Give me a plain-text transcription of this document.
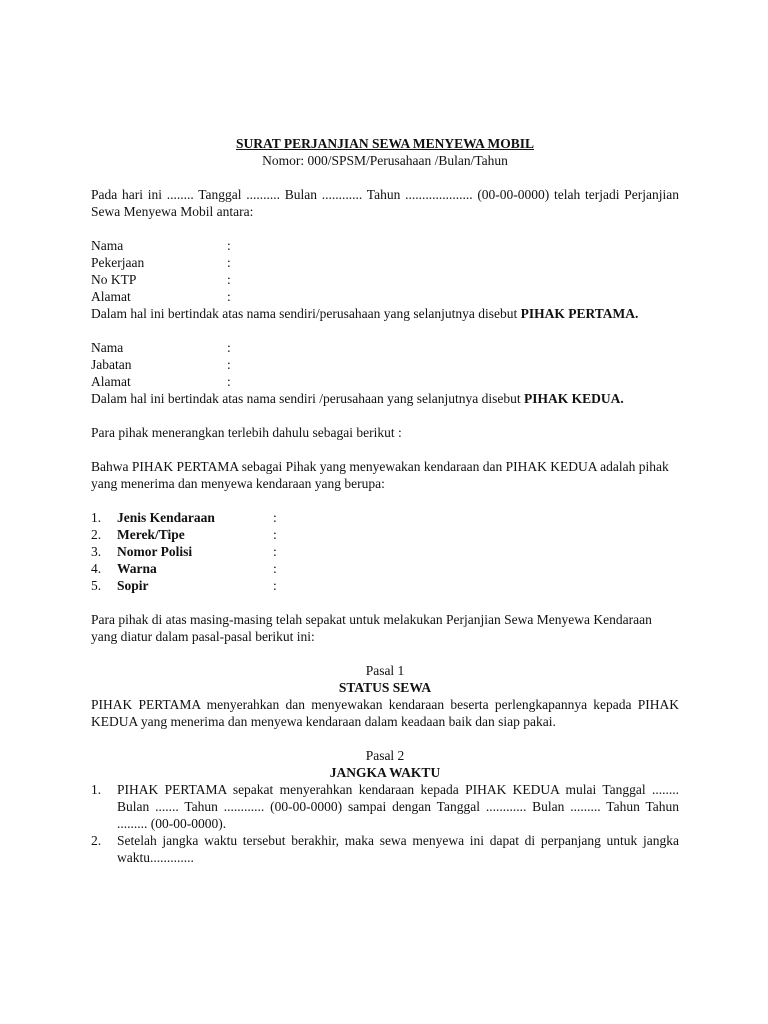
SURAT PERJANJIAN SEWA MENYEWA MOBIL
Nomor: 000/SPSM/Perusahaan /Bulan/Tahun
Pada hari ini ........ Tanggal .......... Bulan ............ Tahun .................... (00-00-0000) telah terjadi Perjanjian Sewa Menyewa Mobil antara:
Nama	:
Pekerjaan	:
No KTP	:
Alamat	:
Dalam hal ini bertindak atas nama sendiri/perusahaan yang selanjutnya disebut PIHAK PERTAMA.
Nama	:
Jabatan	:
Alamat	:
Dalam hal ini bertindak atas nama sendiri /perusahaan yang selanjutnya disebut PIHAK KEDUA.
Para pihak menerangkan terlebih dahulu sebagai berikut :
Bahwa PIHAK PERTAMA sebagai Pihak yang menyewakan kendaraan dan PIHAK KEDUA adalah pihak yang menerima dan menyewa kendaraan yang berupa:
1.	Jenis Kendaraan	:
2.	Merek/Tipe	:
3.	Nomor Polisi	:
4.	Warna	:
5.	Sopir	:
Para pihak di atas masing-masing telah sepakat untuk melakukan Perjanjian Sewa Menyewa Kendaraan yang diatur dalam pasal-pasal berikut ini:
Pasal 1
STATUS SEWA
PIHAK PERTAMA menyerahkan dan menyewakan kendaraan beserta perlengkapannya kepada PIHAK KEDUA yang menerima dan menyewa kendaraan dalam keadaan baik dan siap pakai.
Pasal 2
JANGKA WAKTU
1.	PIHAK PERTAMA sepakat menyerahkan kendaraan kepada PIHAK KEDUA mulai Tanggal ........ Bulan ....... Tahun ............ (00-00-0000) sampai dengan Tanggal ............ Bulan ......... Tahun Tahun ......... (00-00-0000).
2.	Setelah jangka waktu tersebut berakhir, maka sewa menyewa ini dapat di perpanjang untuk jangka waktu.............
